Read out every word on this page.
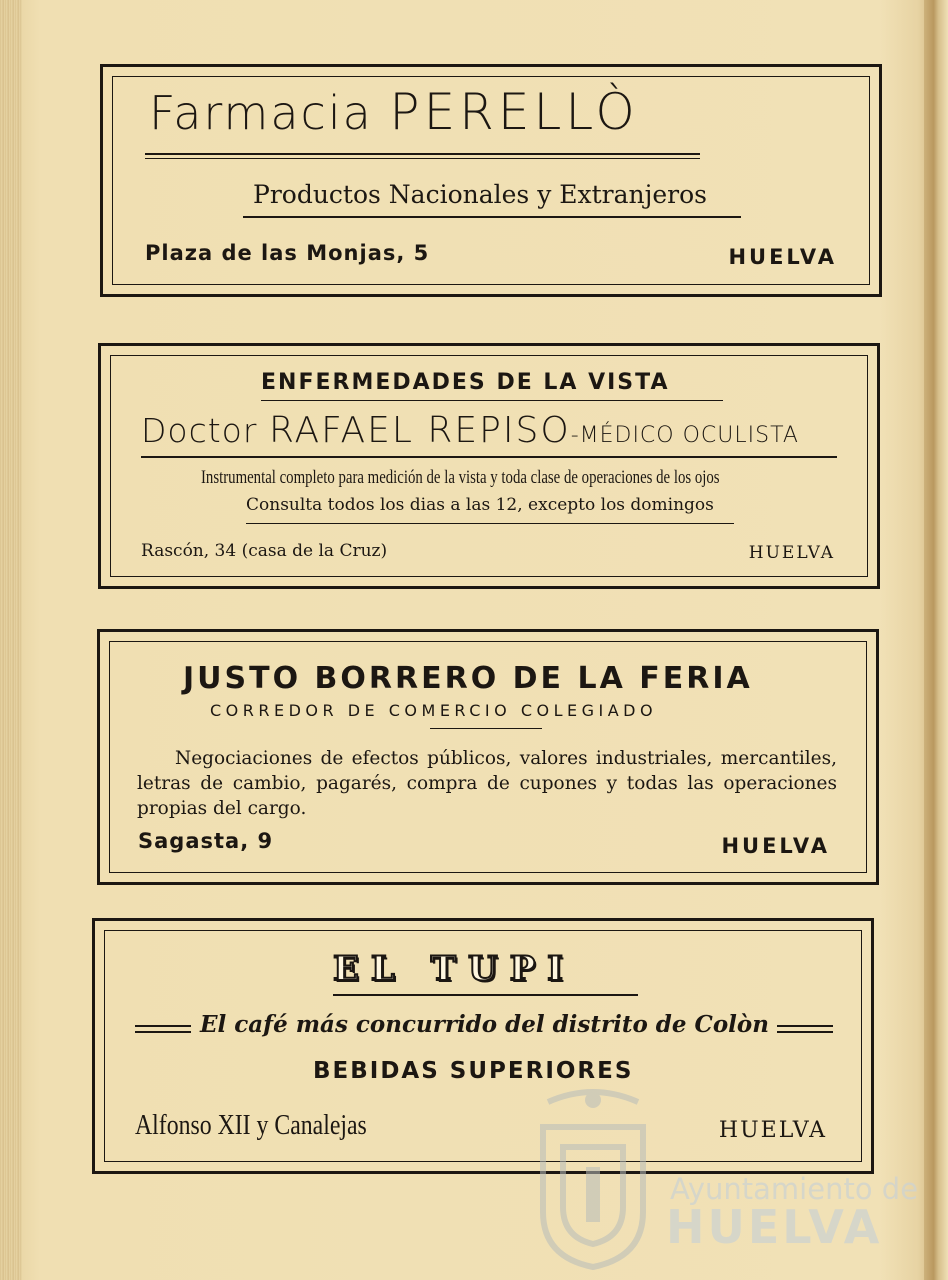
Farmacia PERELLÒ
Productos Nacionales y Extranjeros
Plaza de las Monjas, 5	HUELVA
ENFERMEDADES DE LA VISTA
Doctor RAFAEL REPISO-MÉDICO OCULISTA
Instrumental completo para medición de la vista y toda clase de operaciones de los ojos
Consulta todos los dias a las 12, excepto los domingos
Rascón, 34 (casa de la Cruz)	HUELVA
JUSTO BORRERO DE LA FERIA
CORREDOR DE COMERCIO COLEGIADO
Negociaciones de efectos públicos, valores industriales, mercantiles, letras de cambio, pagarés, compra de cupones y todas las operaciones propias del cargo.
Sagasta, 9	HUELVA
EL TUPI
El café más concurrido del distrito de Colòn
BEBIDAS SUPERIORES
Alfonso XII y Canalejas	HUELVA
Ayuntamiento de
HUELVA
